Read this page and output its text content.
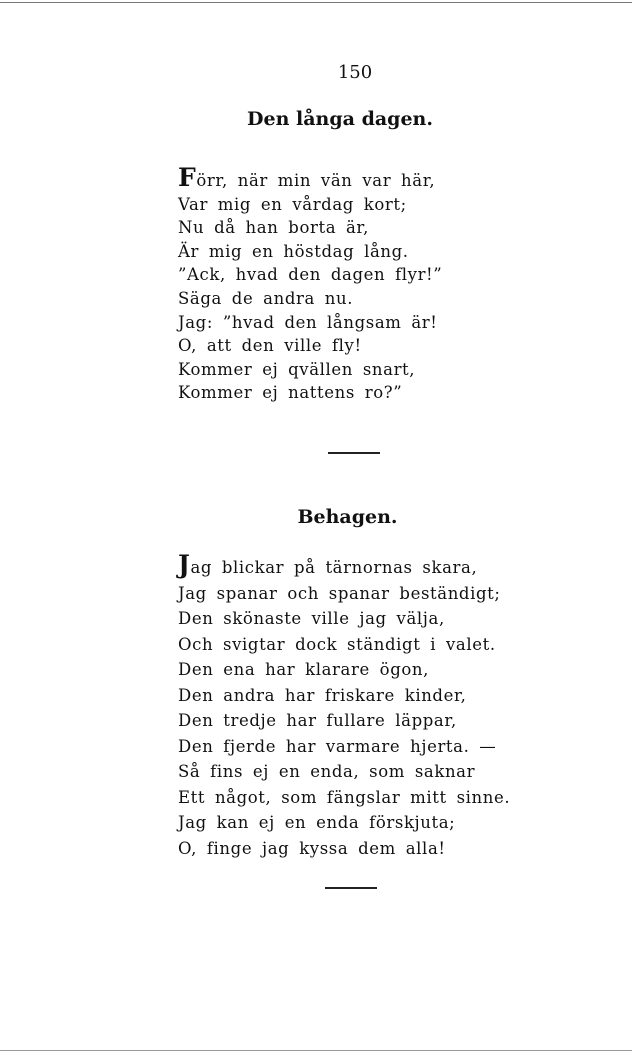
150
Den långa dagen.
Förr, när min vän var här,
Var mig en vårdag kort;
Nu då han borta är,
Är mig en höstdag lång.
”Ack, hvad den dagen flyr!”
Säga de andra nu.
Jag: ”hvad den långsam är!
O, att den ville fly!
Kommer ej qvällen snart,
Kommer ej nattens ro?”
Behagen.
Jag blickar på tärnornas skara,
Jag spanar och spanar beständigt;
Den skönaste ville jag välja,
Och svigtar dock ständigt i valet.
Den ena har klarare ögon,
Den andra har friskare kinder,
Den tredje har fullare läppar,
Den fjerde har varmare hjerta. —
Så fins ej en enda, som saknar
Ett något, som fängslar mitt sinne.
Jag kan ej en enda förskjuta;
O, finge jag kyssa dem alla!
